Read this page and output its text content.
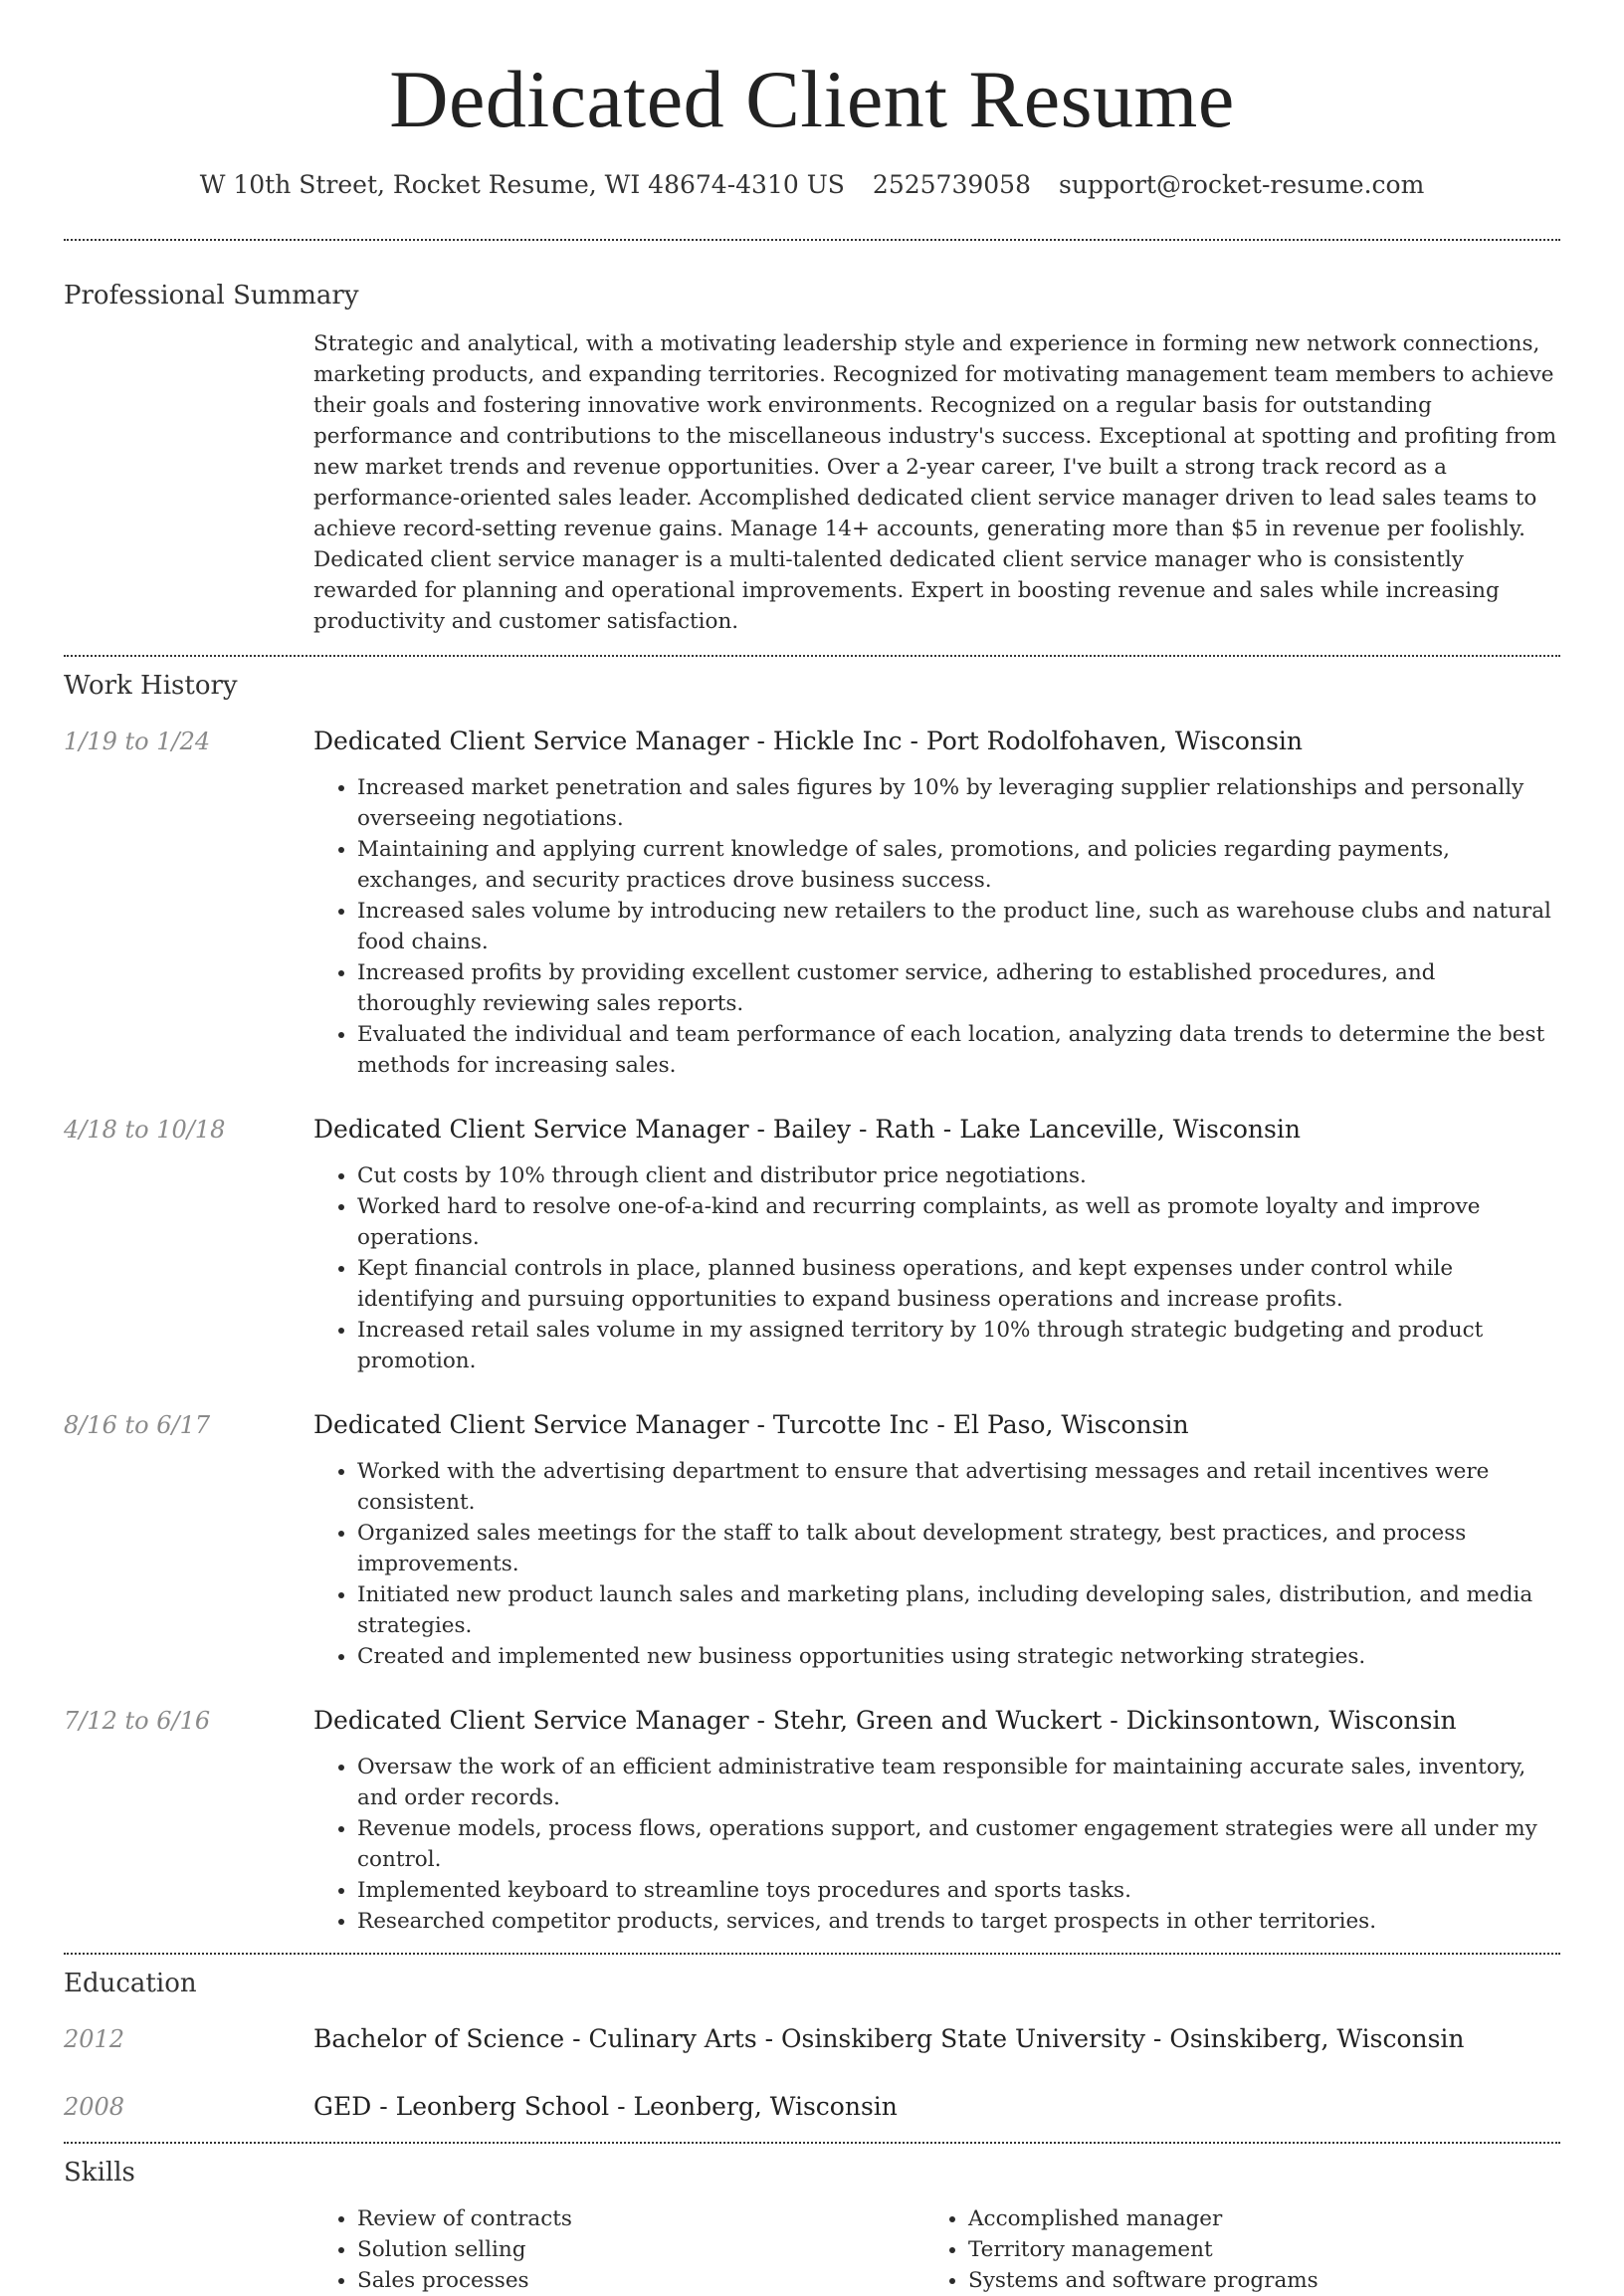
Dedicated Client Resume
W 10th Street, Rocket Resume, WI 48674-4310 US 2525739058 support@rocket-resume.com
Professional Summary
Strategic and analytical, with a motivating leadership style and experience in forming new network connections, marketing products, and expanding territories. Recognized for motivating management team members to achieve their goals and fostering innovative work environments. Recognized on a regular basis for outstanding performance and contributions to the miscellaneous industry's success. Exceptional at spotting and profiting from new market trends and revenue opportunities. Over a 2-year career, I've built a strong track record as a performance-oriented sales leader. Accomplished dedicated client service manager driven to lead sales teams to achieve record-setting revenue gains. Manage 14+ accounts, generating more than $5 in revenue per foolishly. Dedicated client service manager is a multi-talented dedicated client service manager who is consistently rewarded for planning and operational improvements. Expert in boosting revenue and sales while increasing productivity and customer satisfaction.
Work History
1/19 to 1/24	Dedicated Client Service Manager - Hickle Inc - Port Rodolfohaven, Wisconsin
• Increased market penetration and sales figures by 10% by leveraging supplier relationships and personally overseeing negotiations.
• Maintaining and applying current knowledge of sales, promotions, and policies regarding payments, exchanges, and security practices drove business success.
• Increased sales volume by introducing new retailers to the product line, such as warehouse clubs and natural food chains.
• Increased profits by providing excellent customer service, adhering to established procedures, and thoroughly reviewing sales reports.
• Evaluated the individual and team performance of each location, analyzing data trends to determine the best methods for increasing sales.
4/18 to 10/18	Dedicated Client Service Manager - Bailey - Rath - Lake Lanceville, Wisconsin
• Cut costs by 10% through client and distributor price negotiations.
• Worked hard to resolve one-of-a-kind and recurring complaints, as well as promote loyalty and improve operations.
• Kept financial controls in place, planned business operations, and kept expenses under control while identifying and pursuing opportunities to expand business operations and increase profits.
• Increased retail sales volume in my assigned territory by 10% through strategic budgeting and product promotion.
8/16 to 6/17	Dedicated Client Service Manager - Turcotte Inc - El Paso, Wisconsin
• Worked with the advertising department to ensure that advertising messages and retail incentives were consistent.
• Organized sales meetings for the staff to talk about development strategy, best practices, and process improvements.
• Initiated new product launch sales and marketing plans, including developing sales, distribution, and media strategies.
• Created and implemented new business opportunities using strategic networking strategies.
7/12 to 6/16	Dedicated Client Service Manager - Stehr, Green and Wuckert - Dickinsontown, Wisconsin
• Oversaw the work of an efficient administrative team responsible for maintaining accurate sales, inventory, and order records.
• Revenue models, process flows, operations support, and customer engagement strategies were all under my control.
• Implemented keyboard to streamline toys procedures and sports tasks.
• Researched competitor products, services, and trends to target prospects in other territories.
Education
2012	Bachelor of Science - Culinary Arts - Osinskiberg State University - Osinskiberg, Wisconsin
2008	GED - Leonberg School - Leonberg, Wisconsin
Skills
• Review of contracts
• Solution selling
• Sales processes
• Accomplished manager
• Territory management
• Systems and software programs
